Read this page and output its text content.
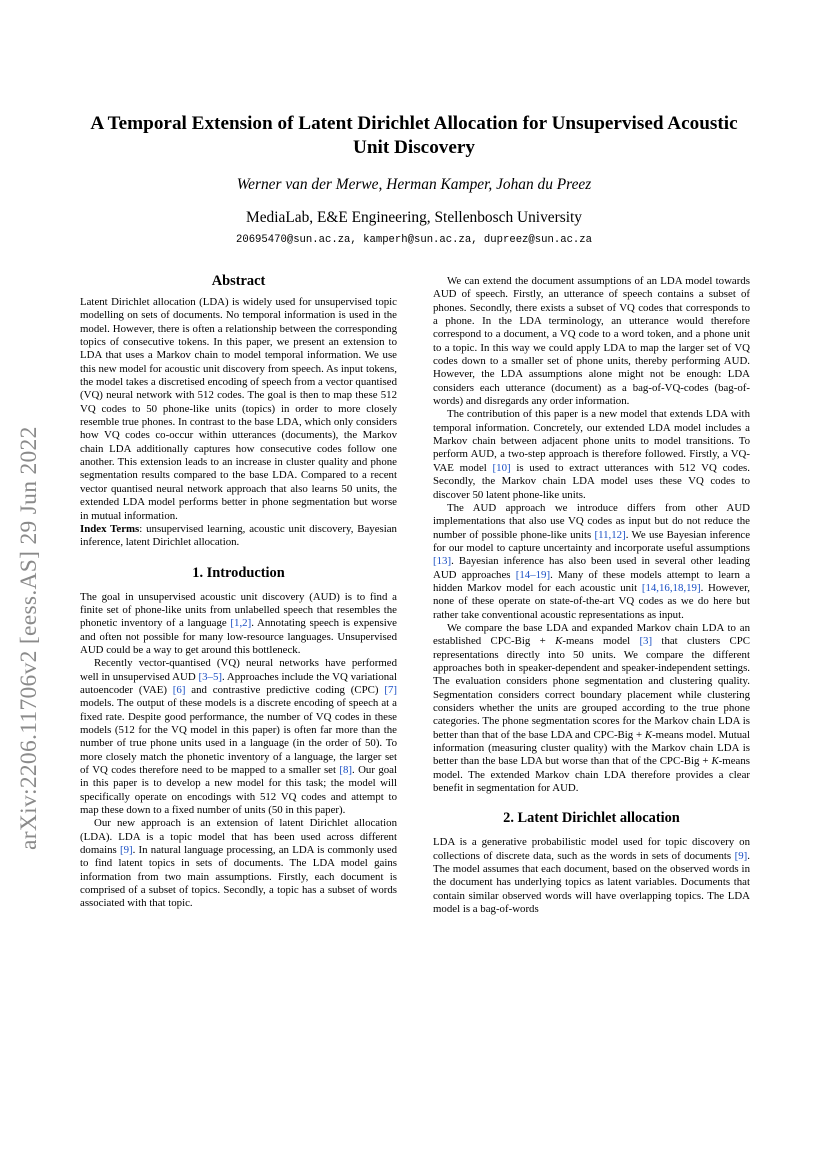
arXiv:2206.11706v2 [eess.AS] 29 Jun 2022
A Temporal Extension of Latent Dirichlet Allocation for Unsupervised Acoustic Unit Discovery
Werner van der Merwe, Herman Kamper, Johan du Preez
MediaLab, E&E Engineering, Stellenbosch University
20695470@sun.ac.za, kamperh@sun.ac.za, dupreez@sun.ac.za
Abstract

Latent Dirichlet allocation (LDA) is widely used for unsupervised topic modelling on sets of documents. No temporal information is used in the model. However, there is often a relationship between the corresponding topics of consecutive tokens. In this paper, we present an extension to LDA that uses a Markov chain to model temporal information. We use this new model for acoustic unit discovery from speech. As input tokens, the model takes a discretised encoding of speech from a vector quantised (VQ) neural network with 512 codes. The goal is then to map these 512 VQ codes to 50 phone-like units (topics) in order to more closely resemble true phones. In contrast to the base LDA, which only considers how VQ codes co-occur within utterances (documents), the Markov chain LDA additionally captures how consecutive codes follow one another. This extension leads to an increase in cluster quality and phone segmentation results compared to the base LDA. Compared to a recent vector quantised neural network approach that also learns 50 units, the extended LDA model performs better in phone segmentation but worse in mutual information.

Index Terms: unsupervised learning, acoustic unit discovery, Bayesian inference, latent Dirichlet allocation.

1. Introduction

The goal in unsupervised acoustic unit discovery (AUD) is to find a finite set of phone-like units from unlabelled speech that resembles the phonetic inventory of a language [1,2]. Annotating speech is expensive and often not possible for many low-resource languages. Unsupervised AUD could be a way to get around this bottleneck.

Recently vector-quantised (VQ) neural networks have performed well in unsupervised AUD [3–5]. Approaches include the VQ variational autoencoder (VAE) [6] and contrastive predictive coding (CPC) [7] models. The output of these models is a discrete encoding of speech at a fixed rate. Despite good performance, the number of VQ codes in these models (512 for the VQ model in this paper) is often far more than the number of true phone units used in a language (in the order of 50). To more closely match the phonetic inventory of a language, the larger set of VQ codes therefore need to be mapped to a smaller set [8]. Our goal in this paper is to develop a new model for this task; the model will specifically operate on encodings with 512 VQ codes and attempt to map these down to a fixed number of units (50 in this paper).

Our new approach is an extension of latent Dirichlet allocation (LDA). LDA is a topic model that has been used across different domains [9]. In natural language processing, an LDA is commonly used to find latent topics in sets of documents. The LDA model gains information from two main assumptions. Firstly, each document is comprised of a subset of topics. Secondly, a topic has a subset of words associated with that topic.

We can extend the document assumptions of an LDA model towards AUD of speech. Firstly, an utterance of speech contains a subset of phones. Secondly, there exists a subset of VQ codes that corresponds to a phone. In the LDA terminology, an utterance would therefore correspond to a document, a VQ code to a word token, and a phone unit to a topic. In this way we could apply LDA to map the larger set of VQ codes down to a smaller set of phone units, thereby performing AUD. However, the LDA assumptions alone might not be enough: LDA considers each utterance (document) as a bag-of-VQ-codes (bag-of-words) and disregards any order information.

The contribution of this paper is a new model that extends LDA with temporal information. Concretely, our extended LDA model includes a Markov chain between adjacent phone units to model transitions. To perform AUD, a two-step approach is therefore followed. Firstly, a VQ-VAE model [10] is used to extract utterances with 512 VQ codes. Secondly, the Markov chain LDA model uses these VQ codes to discover 50 latent phone-like units.

The AUD approach we introduce differs from other AUD implementations that also use VQ codes as input but do not reduce the number of possible phone-like units [11,12]. We use Bayesian inference for our model to capture uncertainty and incorporate useful assumptions [13]. Bayesian inference has also been used in several other leading AUD approaches [14–19]. Many of these models attempt to learn a hidden Markov model for each acoustic unit [14,16,18,19]. However, none of these operate on state-of-the-art VQ codes as we do here but rather take conventional acoustic representations as input.

We compare the base LDA and expanded Markov chain LDA to an established CPC-Big + K-means model [3] that clusters CPC representations directly into 50 units. We compare the different approaches both in speaker-dependent and speaker-independent settings. The evaluation considers phone segmentation and clustering quality. Segmentation considers correct boundary placement while clustering considers whether the units are grouped according to the true phone categories. The phone segmentation scores for the Markov chain LDA is better than that of the base LDA and CPC-Big + K-means model. Mutual information (measuring cluster quality) with the Markov chain LDA is better than the base LDA but worse than that of the CPC-Big + K-means model. The extended Markov chain LDA therefore provides a clear benefit in segmentation for AUD.

2. Latent Dirichlet allocation

LDA is a generative probabilistic model used for topic discovery on collections of discrete data, such as the words in sets of documents [9]. The model assumes that each document, based on the observed words in the document has underlying topics as latent variables. Documents that contain similar observed words will have overlapping topics. The LDA model is a bag-of-words
